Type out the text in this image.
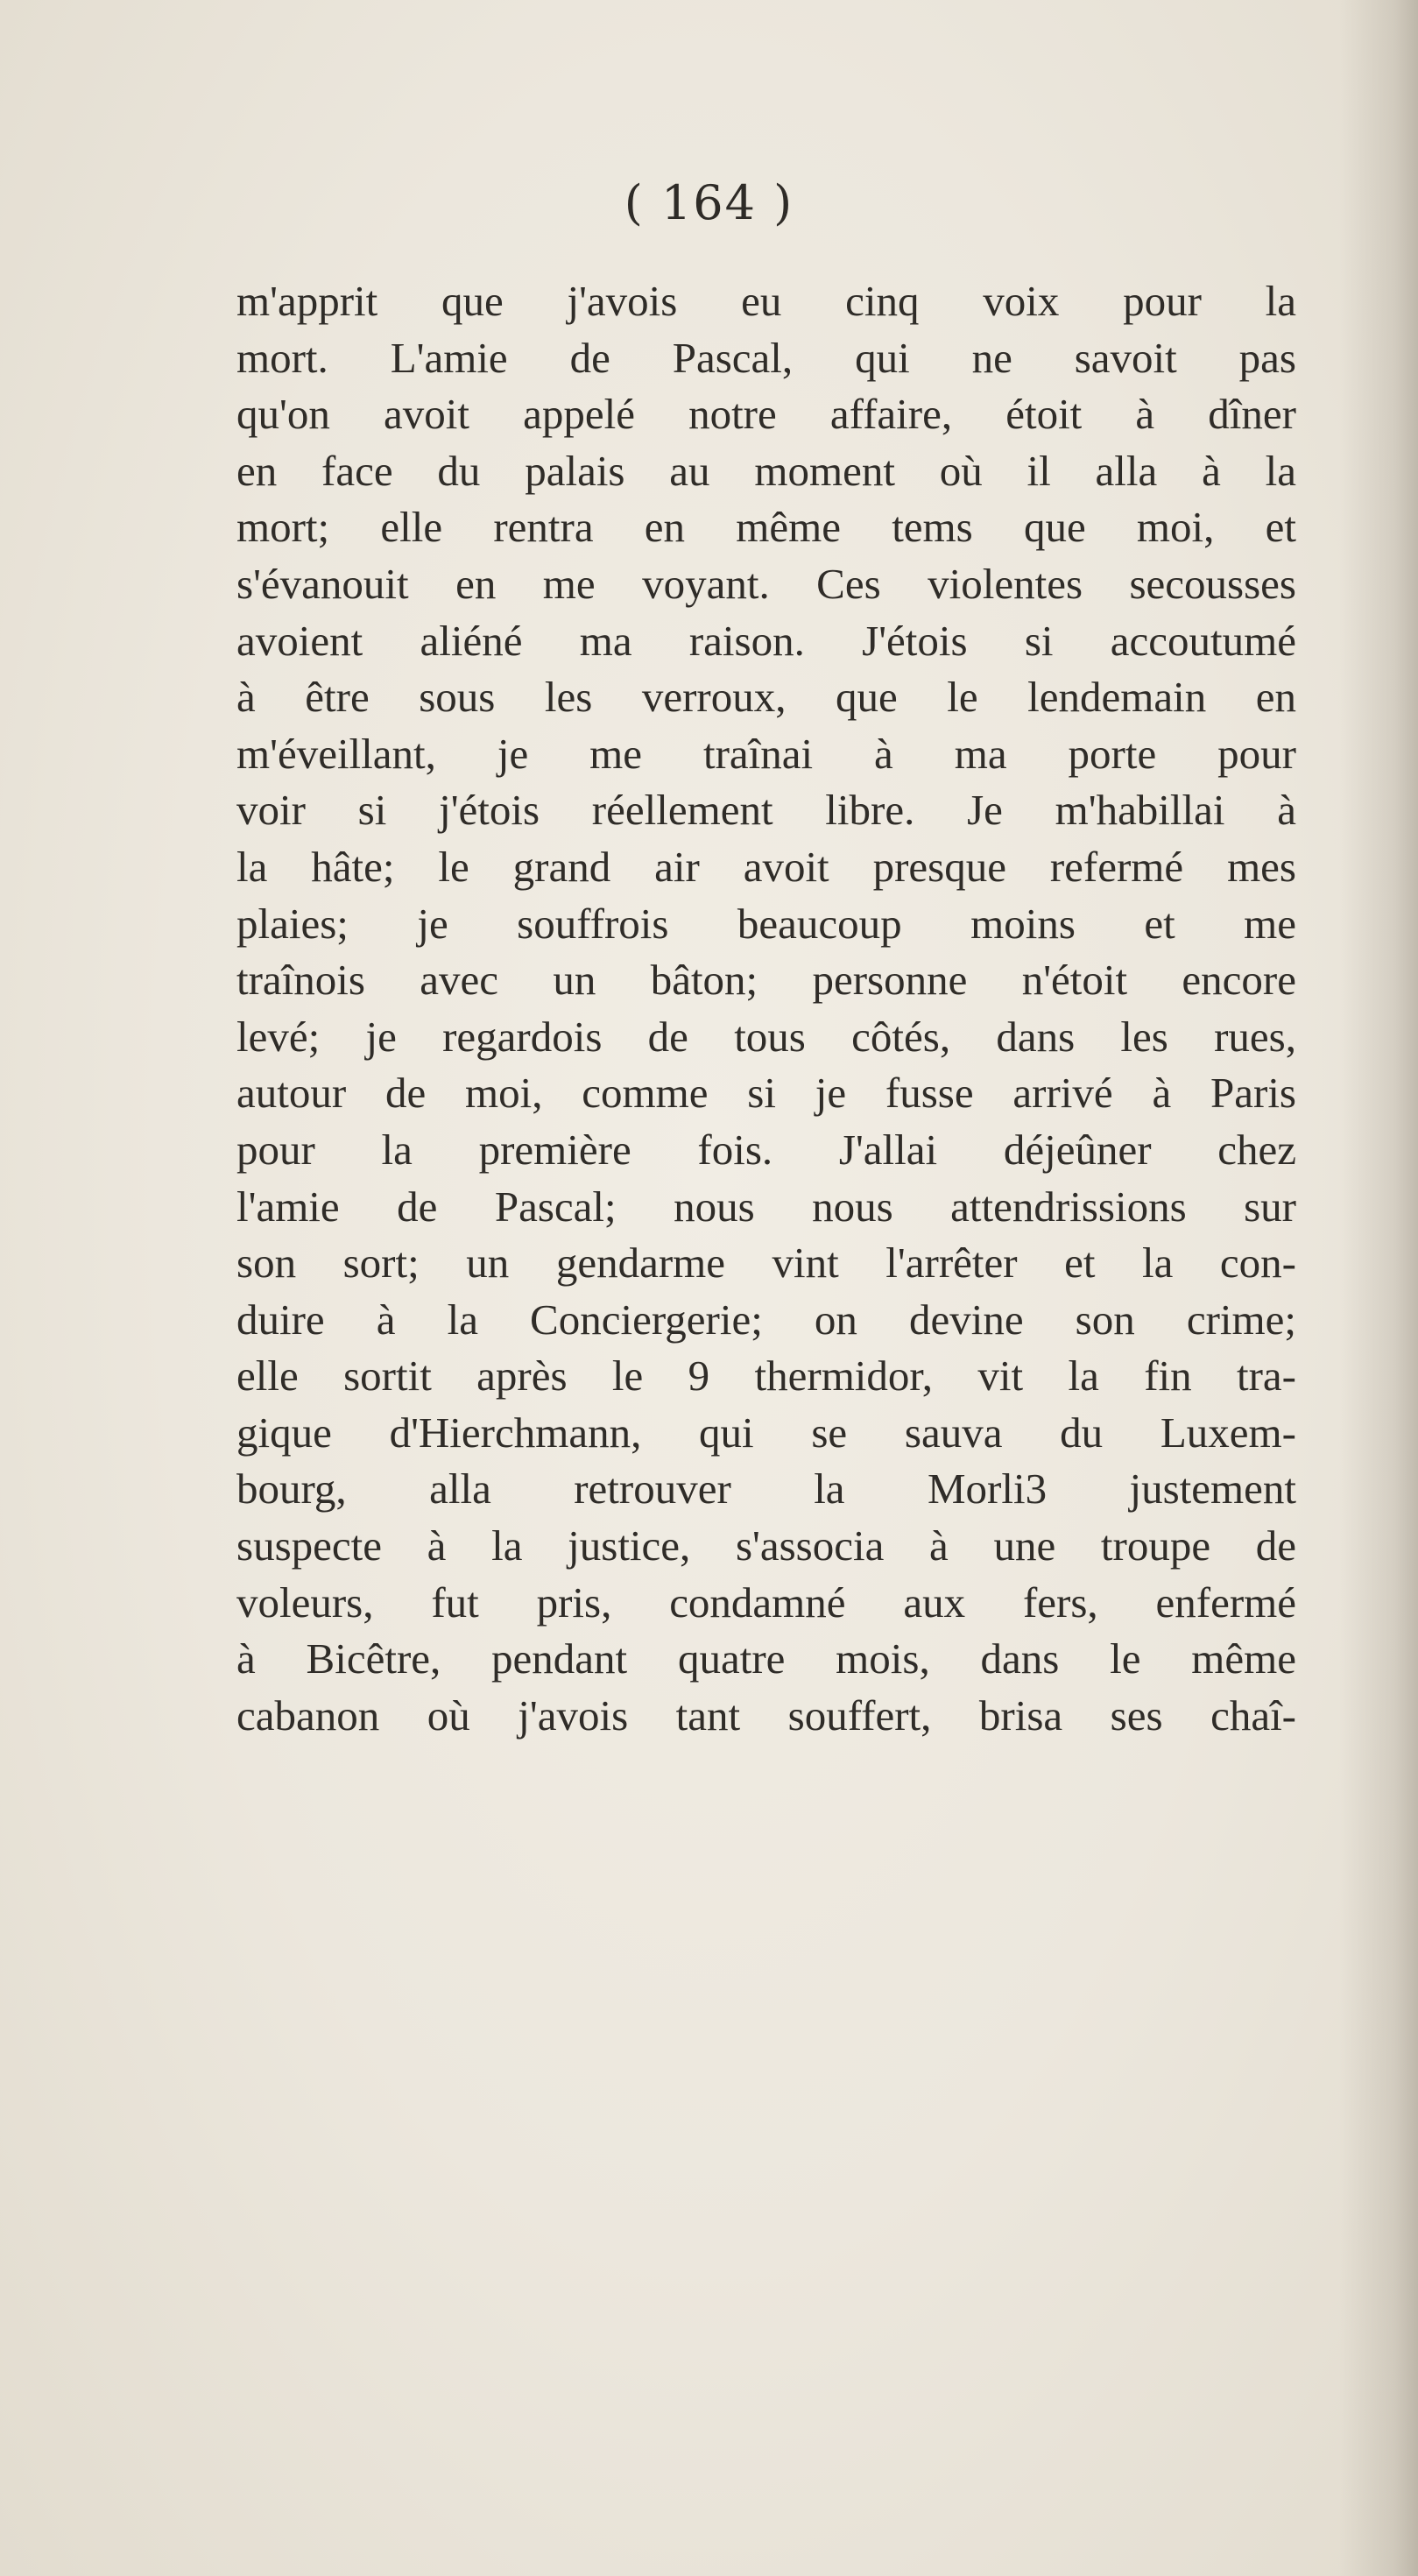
( 164 )
m'apprit que j'avois eu cinq voix pour la
mort. L'amie de Pascal, qui ne savoit pas
qu'on avoit appelé notre affaire, étoit à dîner
en face du palais au moment où il alla à la
mort; elle rentra en même tems que moi, et
s'évanouit en me voyant. Ces violentes secousses
avoient aliéné ma raison. J'étois si accoutumé
à être sous les verroux, que le lendemain en
m'éveillant, je me traînai à ma porte pour
voir si j'étois réellement libre. Je m'habillai à
la hâte; le grand air avoit presque refermé mes
plaies; je souffrois beaucoup moins et me
traînois avec un bâton; personne n'étoit encore
levé; je regardois de tous côtés, dans les rues,
autour de moi, comme si je fusse arrivé à Paris
pour la première fois. J'allai déjeûner chez
l'amie de Pascal; nous nous attendrissions sur
son sort; un gendarme vint l'arrêter et la con-
duire à la Conciergerie; on devine son crime;
elle sortit après le 9 thermidor, vit la fin tra-
gique d'Hierchmann, qui se sauva du Luxem-
bourg, alla retrouver la Morli3 justement
suspecte à la justice, s'associa à une troupe de
voleurs, fut pris, condamné aux fers, enfermé
à Bicêtre, pendant quatre mois, dans le même
cabanon où j'avois tant souffert, brisa ses chaî-
